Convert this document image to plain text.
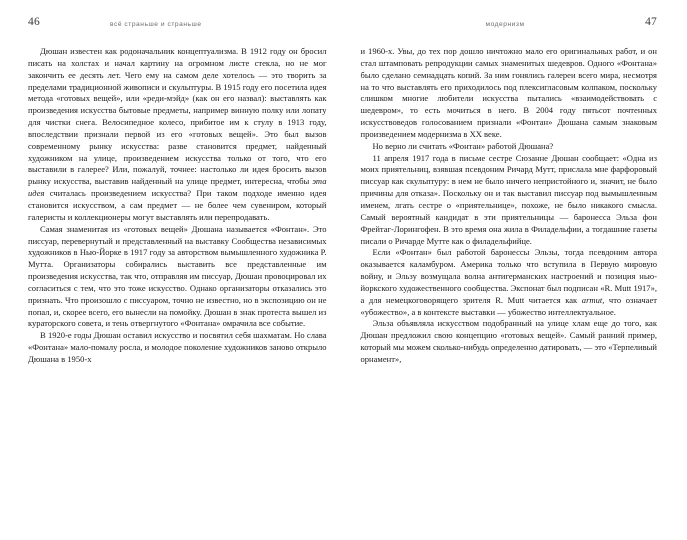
46	всё страньше и страньше

Дюшан известен как родоначальник концептуализма. В 1912 году он бросил писать на холстах и начал картину на огромном листе стекла, но не мог закончить ее десять лет. Чего ему на самом деле хотелось — это творить за пределами традиционной живописи и скульптуры. В 1915 году его посетила идея метода «готовых вещей», или «реди-мэйд» (как он его назвал): выставлять как произведения искусства бытовые предметы, например винную полку или лопату для чистки снега. Велосипедное колесо, прибитое им к стулу в 1913 году, впоследствии признали первой из его «готовых вещей». Это был вызов современному рынку искусства: разве становится предмет, найденный художником на улице, произведением искусства только от того, что его выставили в галерее? Или, пожалуй, точнее: настолько ли идея бросить вызов рынку искусства, выставив найденный на улице предмет, интересна, чтобы эта идея считалась произведением искусства? При таком подходе именно идея становится искусством, а сам предмет — не более чем сувениром, который галеристы и коллекционеры могут выставлять или перепродавать.

Самая знаменитая из «готовых вещей» Дюшана называется «Фонтан». Это писсуар, перевернутый и представленный на выставку Сообщества независимых художников в Нью-Йорке в 1917 году за авторством вымышленного художника Р. Мутта. Организаторы собирались выставить все представленные им произведения искусства, так что, отправляя им писсуар, Дюшан провоцировал их согласиться с тем, что это тоже искусство. Однако организаторы отказались это признать. Что произошло с писсуаром, точно не известно, но в экспозицию он не попал, и, скорее всего, его вынесли на помойку. Дюшан в знак протеста вышел из кураторского совета, и тень отвергнутого «Фонтана» омрачила все событие.

В 1920-е годы Дюшан оставил искусство и посвятил себя шахматам. Но слава «Фонтана» мало-помалу росла, и молодое поколение художников заново открыло Дюшана в 1950-х

модернизм	47

и 1960-х. Увы, до тех пор дошло ничтожно мало его оригинальных работ, и он стал штамповать репродукции самых знаменитых шедевров. Одного «Фонтана» было сделано семнадцать копий. За ним гонялись галереи всего мира, несмотря на то что выставлять его приходилось под плексигласовым колпаком, поскольку слишком многие любители искусства пытались «взаимодействовать с шедевром», то есть мочиться в него. В 2004 году пятьсот почтенных искусствоведов голосованием признали «Фонтан» Дюшана самым знаковым произведением модернизма в XX веке.

Но верно ли считать «Фонтан» работой Дюшана?

11 апреля 1917 года в письме сестре Сюзанне Дюшан сообщает: «Одна из моих приятельниц, взявшая псевдоним Ричард Мутт, прислала мне фарфоровый писсуар как скульптуру: в нем не было ничего непристойного и, значит, не было причины для отказа». Поскольку он и так выставил писсуар под вымышленным именем, лгать сестре о «приятельнице», похоже, не было никакого смысла. Самый вероятный кандидат в эти приятельницы — баронесса Эльза фон Фрейтаг-Лорингофен. В это время она жила в Филадельфии, а тогдашние газеты писали о Ричарде Мутте как о филадельфийце.

Если «Фонтан» был работой баронессы Эльзы, тогда псевдоним автора оказывается каламбуром. Америка только что вступила в Первую мировую войну, и Эльзу возмущала волна антигерманских настроений и позиция нью-йоркского художественного сообщества. Экспонат был подписан «R. Mutt 1917», а для немецкоговорящего зрителя R. Mutt читается как armut, что означает «убожество», а в контексте выставки — убожество интеллектуальное.

Эльза объявляла искусством подобранный на улице хлам еще до того, как Дюшан предложил свою концепцию «готовых вещей». Самый ранний пример, который мы можем сколько-нибудь определенно датировать, — это «Терпеливый орнамент»,
